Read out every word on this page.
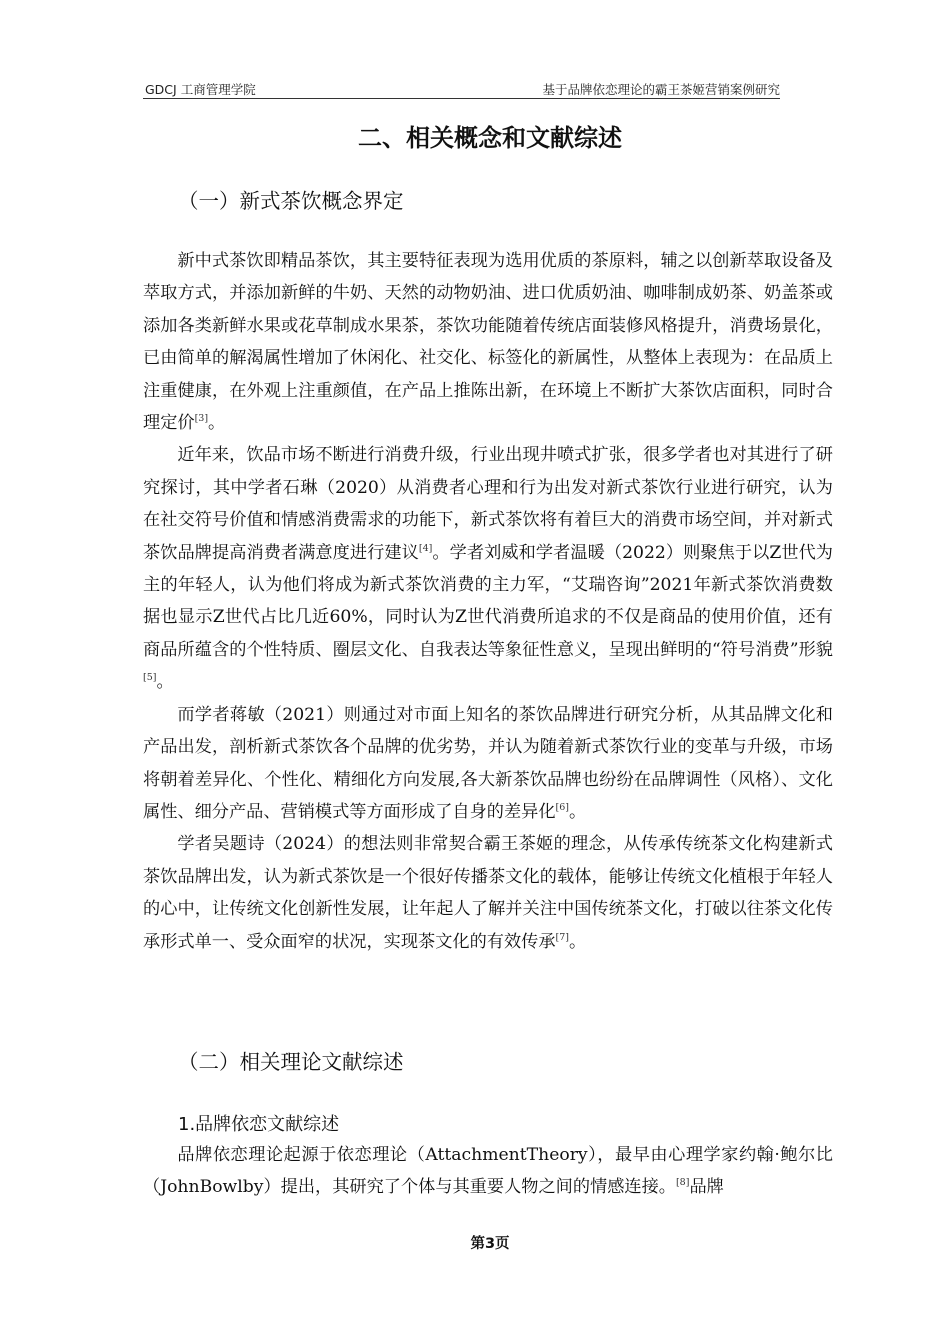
GDCJ 工商管理学院	基于品牌依恋理论的霸王茶姬营销案例研究
二、相关概念和文献综述
（一）新式茶饮概念界定

新中式茶饮即精品茶饮，其主要特征表现为选用优质的茶原料，辅之以创新萃取设备及萃取方式，并添加新鲜的牛奶、天然的动物奶油、进口优质奶油、咖啡制成奶茶、奶盖茶或添加各类新鲜水果或花草制成水果茶，茶饮功能随着传统店面装修风格提升，消费场景化，已由简单的解渴属性增加了休闲化、社交化、标签化的新属性，从整体上表现为：在品质上注重健康，在外观上注重颜值，在产品上推陈出新，在环境上不断扩大茶饮店面积，同时合理定价[3]。

近年来，饮品市场不断进行消费升级，行业出现井喷式扩张，很多学者也对其进行了研究探讨，其中学者石琳（2020）从消费者心理和行为出发对新式茶饮行业进行研究，认为在社交符号价值和情感消费需求的功能下，新式茶饮将有着巨大的消费市场空间，并对新式茶饮品牌提高消费者满意度进行建议[4]。学者刘威和学者温暖（2022）则聚焦于以Z世代为主的年轻人，认为他们将成为新式茶饮消费的主力军，“艾瑞咨询”2021年新式茶饮消费数据也显示Z世代占比几近60%，同时认为Z世代消费所追求的不仅是商品的使用价值，还有商品所蕴含的个性特质、圈层文化、自我表达等象征性意义，呈现出鲜明的“符号消费”形貌[5]。

而学者蒋敏（2021）则通过对市面上知名的茶饮品牌进行研究分析，从其品牌文化和产品出发，剖析新式茶饮各个品牌的优劣势，并认为随着新式茶饮行业的变革与升级，市场将朝着差异化、个性化、精细化方向发展,各大新茶饮品牌也纷纷在品牌调性（风格）、文化属性、细分产品、营销模式等方面形成了自身的差异化[6]。

学者吴题诗（2024）的想法则非常契合霸王茶姬的理念，从传承传统茶文化构建新式茶饮品牌出发，认为新式茶饮是一个很好传播茶文化的载体，能够让传统文化植根于年轻人的心中，让传统文化创新性发展，让年起人了解并关注中国传统茶文化，打破以往茶文化传承形式单一、受众面窄的状况，实现茶文化的有效传承[7]。

（二）相关理论文献综述
1.品牌依恋文献综述

品牌依恋理论起源于依恋理论（AttachmentTheory），最早由心理学家约翰·鲍尔比（JohnBowlby）提出，其研究了个体与其重要人物之间的情感连接。[8]品牌

第3页
